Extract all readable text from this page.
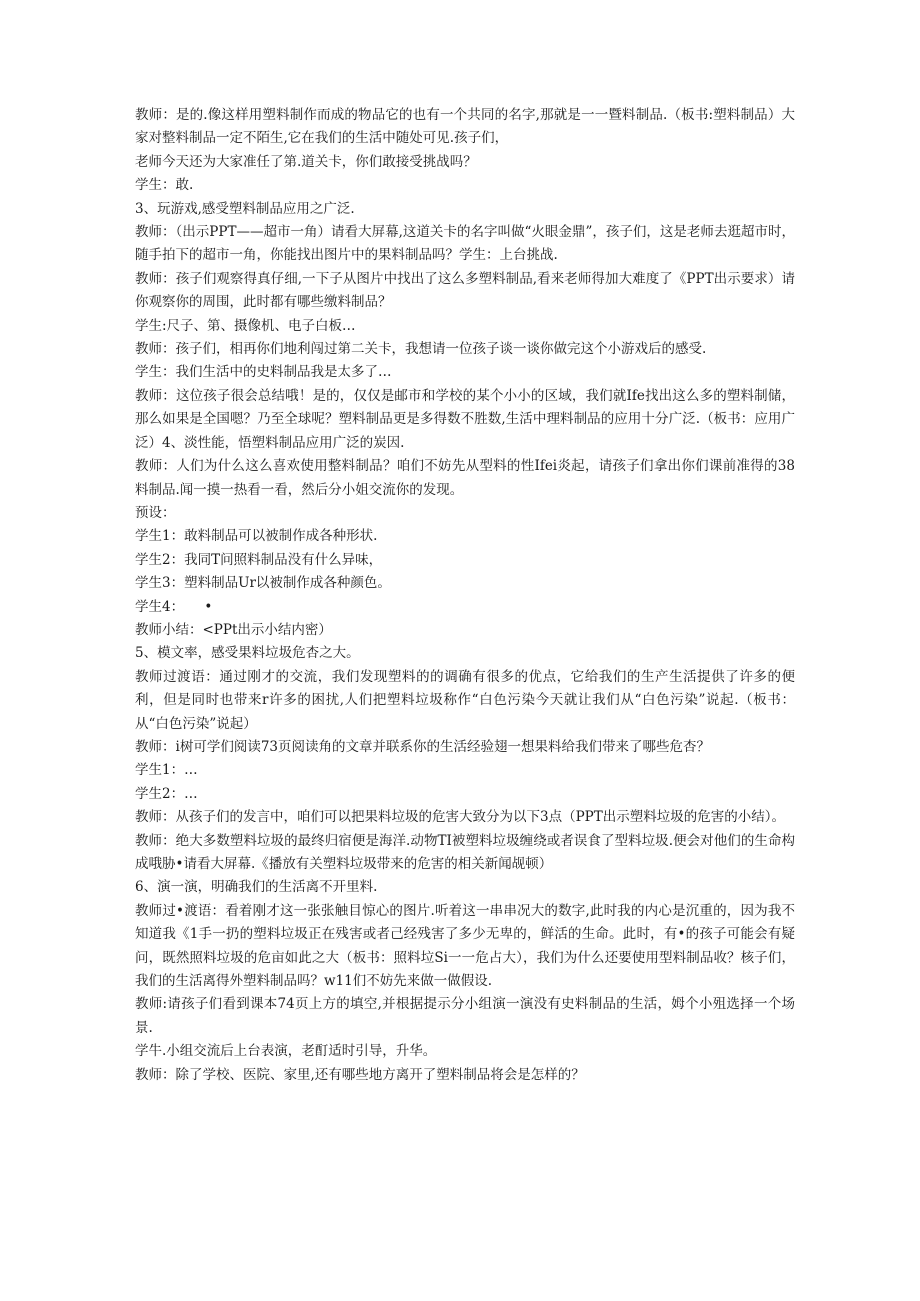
教师：是的.像这样用塑料制作而成的物品它的也有一个共同的名字,那就是一一暨料制品.（板书:塑料制品）大家对整料制品一定不陌生,它在我们的生活中随处可见.孩子们，

老师今天还为大家准任了第.道关卡，你们敢接受挑战吗？

学生：敢.

3、玩游戏,感受塑料制品应用之广泛.

教师：（出示PPT——超市一角）请看大屏幕,这道关卡的名字叫做“火眼金鼎”，孩子们，这是老师去逛超市时，随手拍下的超市一角，你能找出图片中的果料制品吗？学生：上台挑战.

教师：孩子们观察得真仔细,一下子从图片中找出了这么多塑料制品,看来老师得加大难度了《PPT出示要求）请你观察你的周围，此时都有哪些缴料制品？

学生:尺子、第、摄像机、电子白板…

教师：孩子们，相再你们地利闯过第二关卡，我想请一位孩子谈一谈你做完这个小游戏后的感受.

学生：我们生活中的史料制品我是太多了…

教师：这位孩子很会总结哦！是的，仅仅是邮市和学校的某个小小的区域，我们就Ife找出这么多的塑料制储，那么如果是全国嗯？乃至全球呢？塑料制品更是多得数不胜数,生活中理料制品的应用十分广泛.（板书：应用广泛）4、淡性能，悟塑料制品应用广泛的炭因.

教师：人们为什么这么喜欢使用整料制品？咱们不妨先从型料的性Ifei炎起，请孩子们拿出你们课前准得的38料制品.闻一摸一热看一看，然后分小姐交流你的发现。

预设：

学生1：敢料制品可以被制作成各种形状.

学生2：我同T问照料制品没有什么异味，

学生3：塑料制品Ur以被制作成各种颜色。

学生4：　　•

教师小结：<PPt出示小结内密）

5、模文率，感受果料垃圾危杏之大。

教师过渡语：通过刚才的交流，我们发现塑料的的调确有很多的优点，它给我们的生产生活提供了许多的便利，但是同时也带来r许多的困扰,人们把塑料垃圾称作“白色污染今天就让我们从“白色污染”说起.（板书：从“白色污染”说起）

教师：i树可学们阅读73页阅读角的文章并联系你的生活经验翅一想果料给我们带来了哪些危杏？

学生1：…

学生2：…

教师：从孩子们的发言中，咱们可以把果料垃圾的危害大致分为以下3点（PPT出示塑料垃圾的危害的小结）。

教师：绝大多数塑料垃圾的最终归宿便是海洋.动物TI被塑料垃圾缠绕或者误食了型料垃圾.便会对他们的生命构成哦胁•请看大屏幕.《播放有关塑料垃圾带来的危害的相关新闻觇顿）

6、演一演，明确我们的生活离不开里料.

教师过•渡语：看着刚才这一张张触目惊心的图片.听着这一串串况大的数字,此时我的内心是沉重的，因为我不知道我《1手一扔的塑料垃圾正在残害或者己经残害了多少无卑的，鲜活的生命。此时，有•的孩子可能会有疑问，既然照料垃圾的危亩如此之大（板书：照料垃Si一一危占大），我们为什么还要使用型料制品收？核子们，我们的生活离得外塑料制品吗？w11们不妨先来做一做假设.

教师:请孩子们看到课本74页上方的填空,并根据提示分小组演一演没有史料制品的生活，姆个小殂选择一个场景.

学牛.小组交流后上台表演，老酊适时引导，升华。

教师：除了学校、医院、家里,还有哪些地方离开了塑料制品将会是怎样的？
